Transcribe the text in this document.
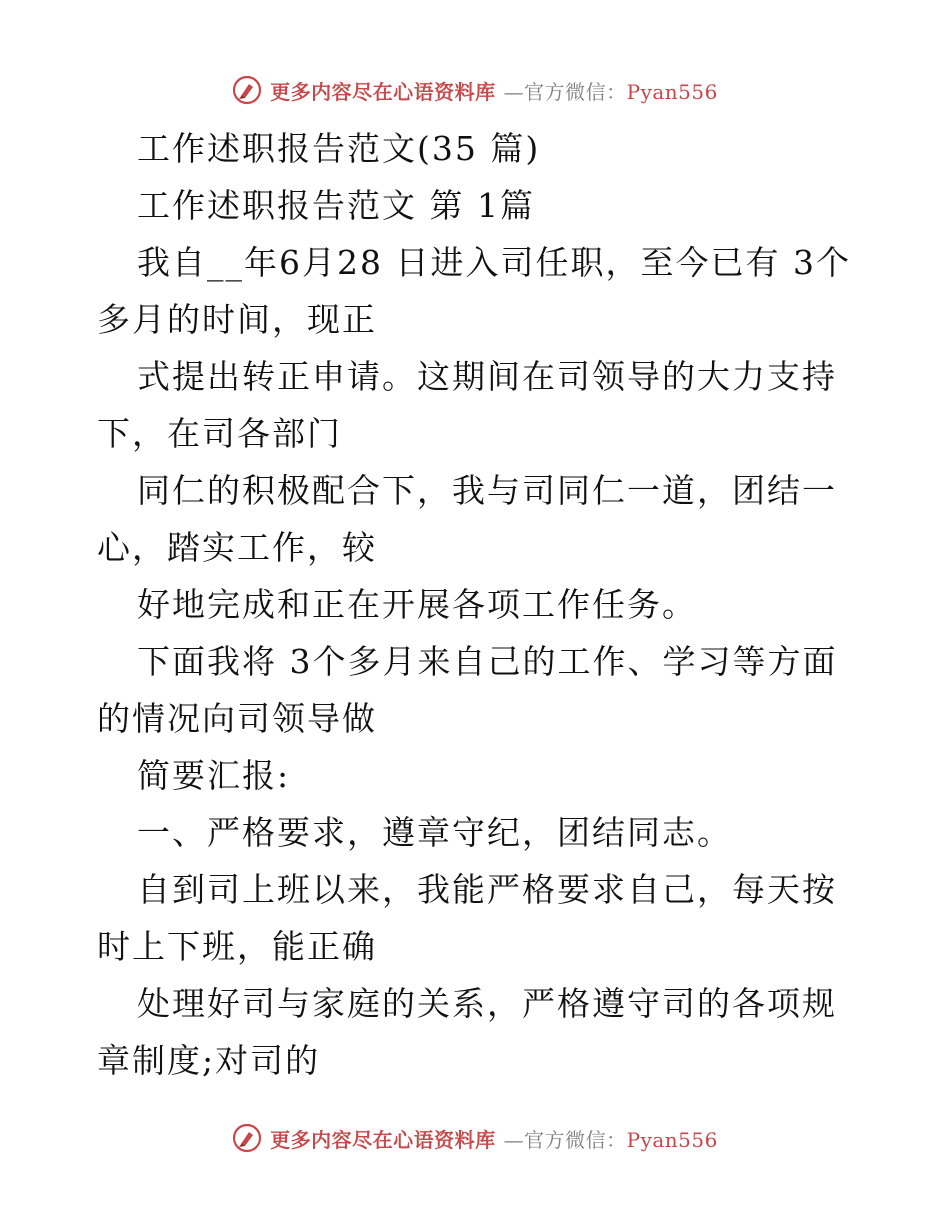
更多内容尽在心语资料库 —官方微信：Pyan556

工作述职报告范文(35 篇)

工作述职报告范文 第 1篇

我自__年6月28 日进入司任职，至今已有 3个多月的时间，现正

式提出转正申请。这期间在司领导的大力支持下，在司各部门

同仁的积极配合下，我与司同仁一道，团结一心，踏实工作，较

好地完成和正在开展各项工作任务。

下面我将 3个多月来自己的工作、学习等方面的情况向司领导做

简要汇报:

一、严格要求，遵章守纪，团结同志。

自到司上班以来，我能严格要求自己，每天按时上下班，能正确

处理好司与家庭的关系，严格遵守司的各项规章制度;对司的

更多内容尽在心语资料库 —官方微信：Pyan556
